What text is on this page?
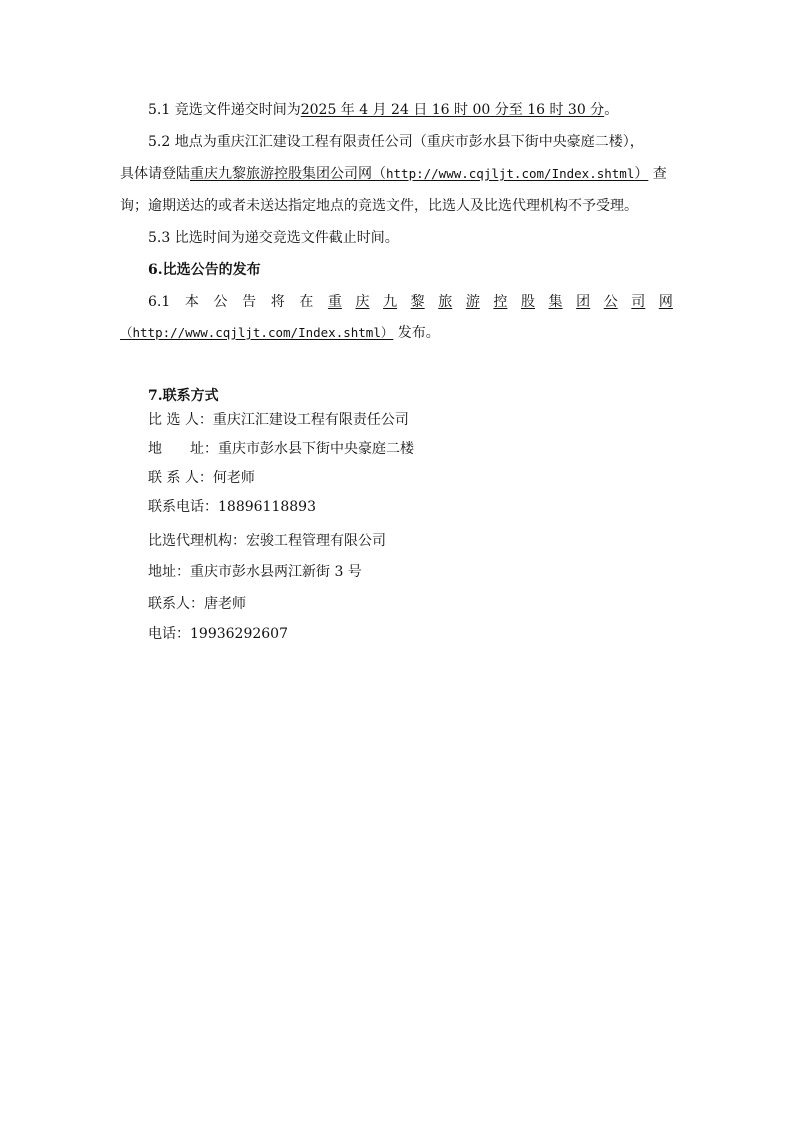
5.1 竞选文件递交时间为2025 年 4 月 24 日 16 时 00 分至 16 时 30 分。
5.2 地点为重庆江汇建设工程有限责任公司（重庆市彭水县下街中央豪庭二楼），
具体请登陆重庆九黎旅游控股集团公司网（http://www.cqjljt.com/Index.shtml） 查
询；逾期送达的或者未送达指定地点的竞选文件，比选人及比选代理机构不予受理。
5.3 比选时间为递交竞选文件截止时间。
6.比选公告的发布
6.1 本 公 告 将 在 重 庆 九 黎 旅 游 控 股 集 团 公 司 网
（http://www.cqjljt.com/Index.shtml） 发布。
7.联系方式
比 选 人：重庆江汇建设工程有限责任公司
地 址：重庆市彭水县下街中央豪庭二楼
联 系 人：何老师
联系电话：18896118893
比选代理机构：宏骏工程管理有限公司
地址：重庆市彭水县两江新街 3 号
联系人：唐老师
电话：19936292607
